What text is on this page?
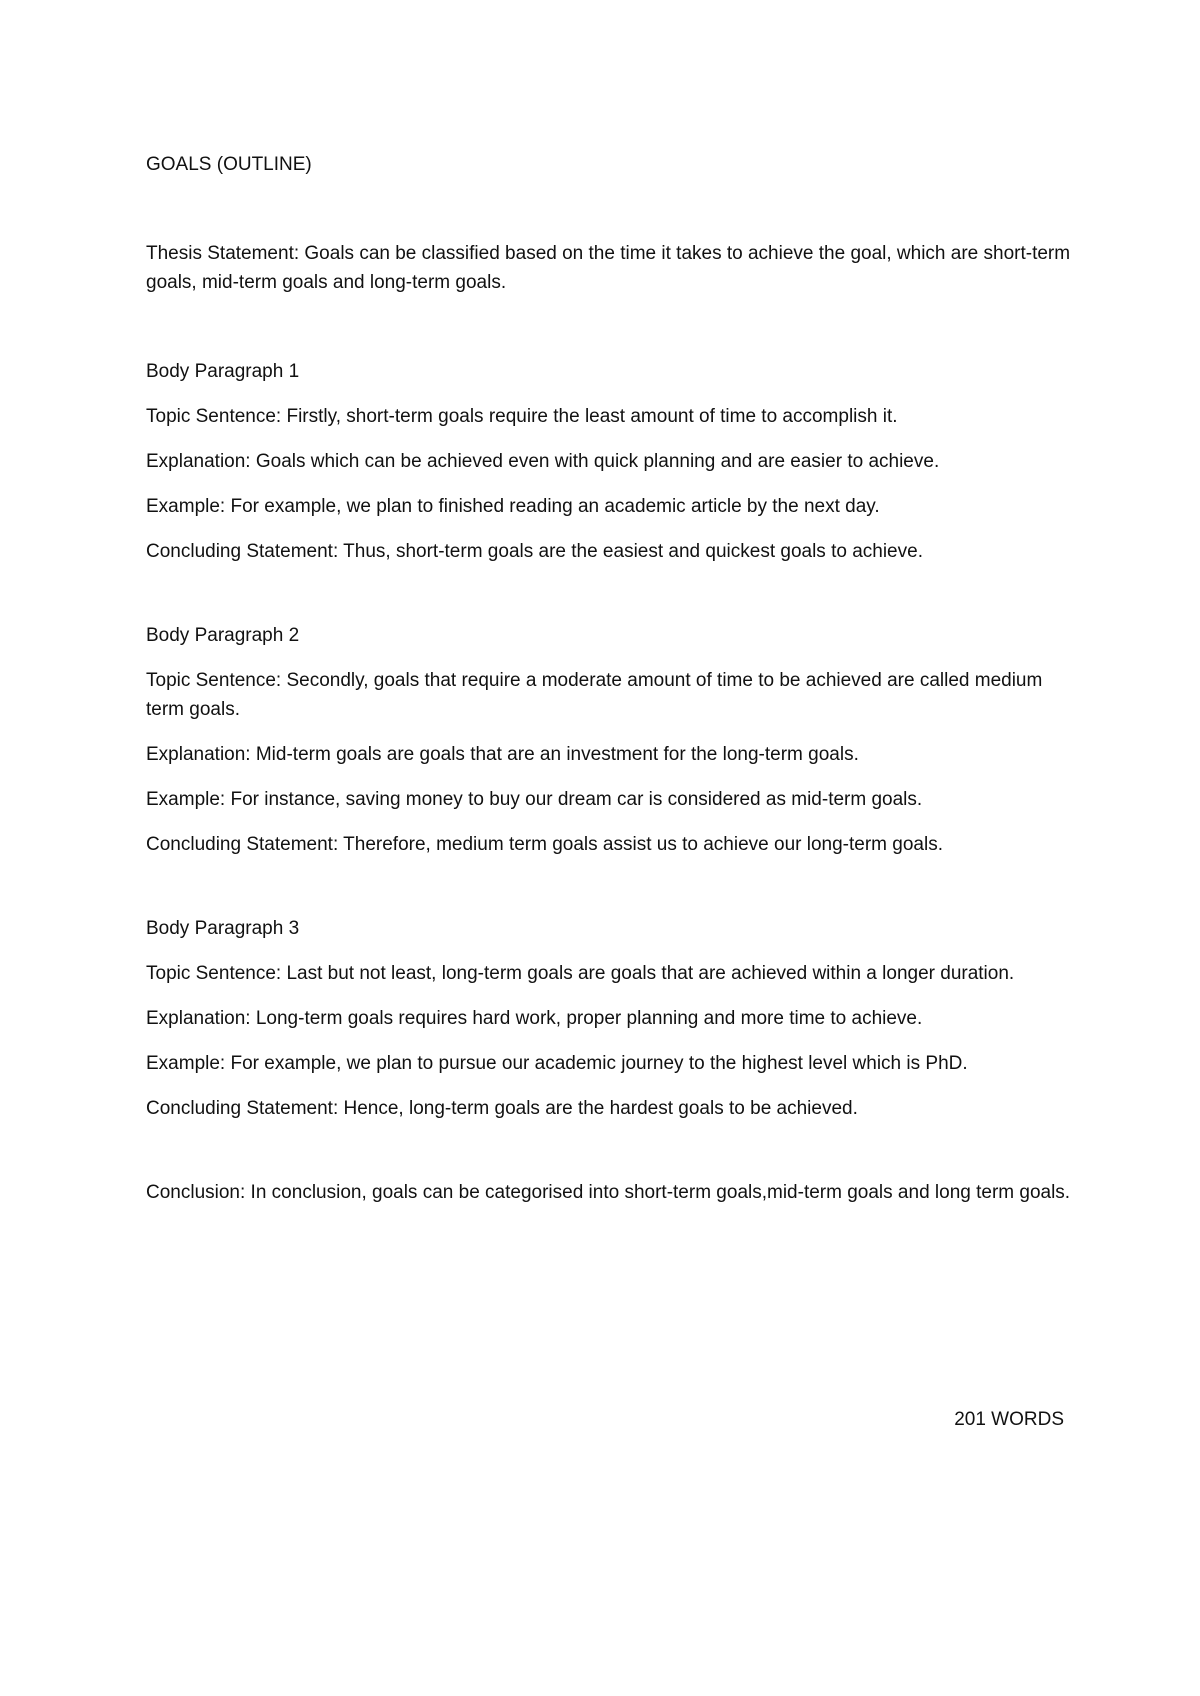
GOALS (OUTLINE)

Thesis Statement: Goals can be classified based on the time it takes to achieve the goal, which are short-term goals, mid-term goals and long-term goals.

Body Paragraph 1

Topic Sentence: Firstly, short-term goals require the least amount of time to accomplish it.

Explanation: Goals which can be achieved even with quick planning and are easier to achieve.

Example: For example, we plan to finished reading an academic article by the next day.

Concluding Statement: Thus, short-term goals are the easiest and quickest goals to achieve.

Body Paragraph 2

Topic Sentence: Secondly, goals that require a moderate amount of time to be achieved are called medium term goals.

Explanation: Mid-term goals are goals that are an investment for the long-term goals.

Example: For instance, saving money to buy our dream car is considered as mid-term goals.

Concluding Statement: Therefore, medium term goals assist us to achieve our long-term goals.

Body Paragraph 3

Topic Sentence: Last but not least, long-term goals are goals that are achieved within a longer duration.

Explanation: Long-term goals requires hard work, proper planning and more time to achieve.

Example: For example, we plan to pursue our academic journey to the highest level which is PhD.

Concluding Statement: Hence, long-term goals are the hardest goals to be achieved.

Conclusion: In conclusion, goals can be categorised into short-term goals,mid-term goals and long term goals.

201 WORDS
